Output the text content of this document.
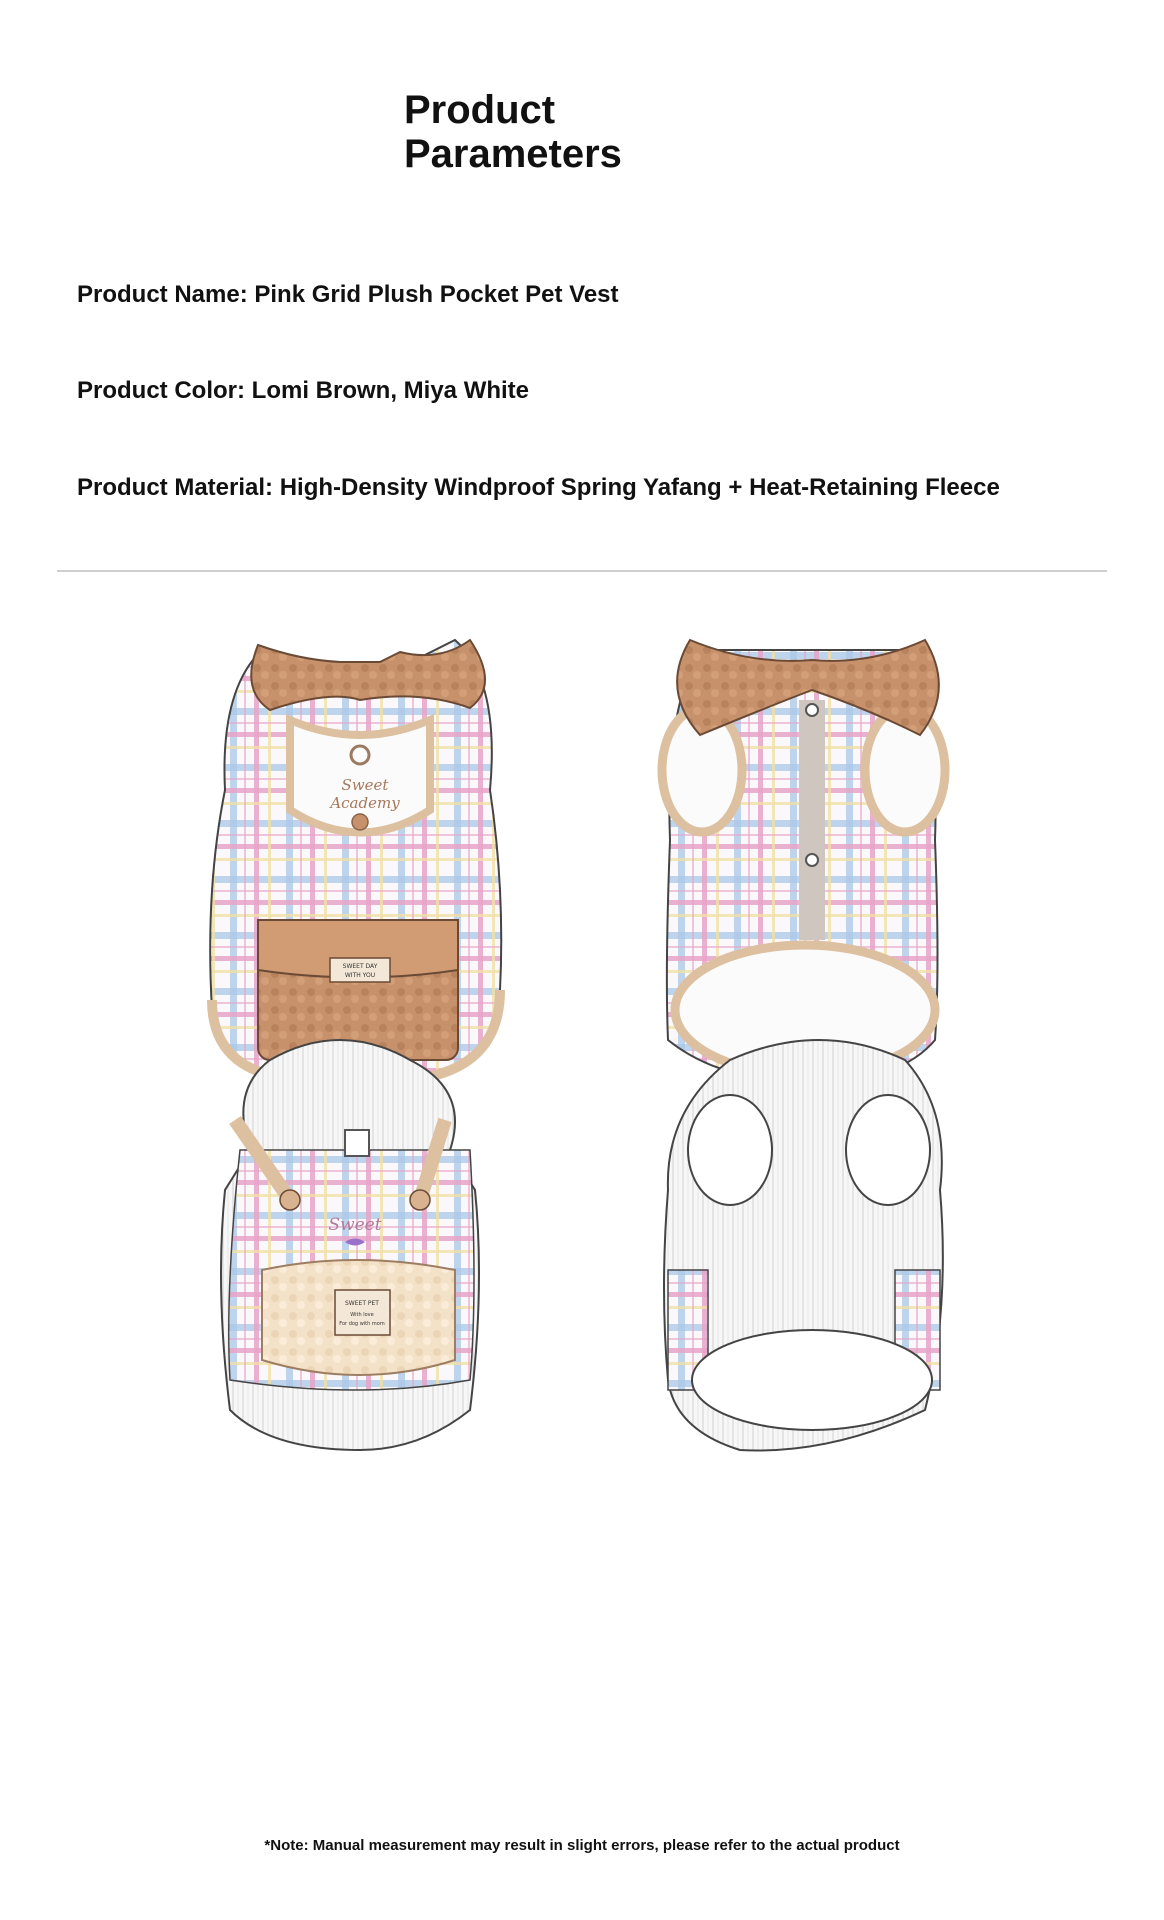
Product
Parameters
Product Name: Pink Grid Plush Pocket Pet Vest
Product Color: Lomi Brown, Miya White
Product Material: High-Density Windproof Spring Yafang + Heat-Retaining Fleece
Sweet
Academy
SWEET DAY
WITH YOU
Sweet
SWEET PET
With love
For dog with mom
*Note: Manual measurement may result in slight errors, please refer to the actual product
